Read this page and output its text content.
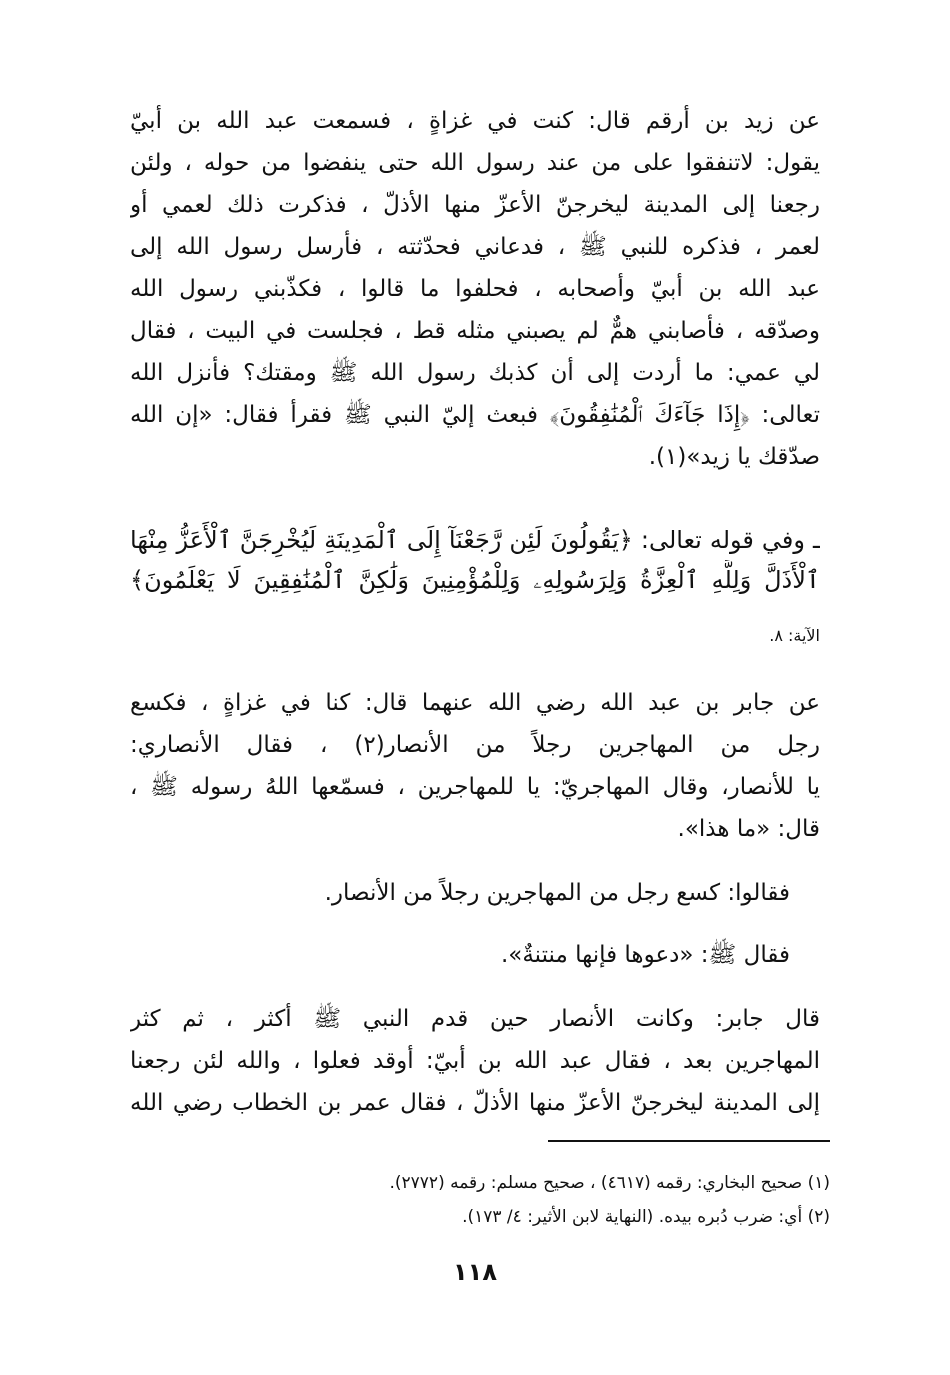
عن زيد بن أرقم قال: كنت في غزاةٍ ، فسمعت عبد الله بن أبيّ
يقول: لاتنفقوا على من عند رسول الله حتى ينفضوا من حوله ، ولئن
رجعنا إلى المدينة ليخرجنّ الأعزّ منها الأذلّ ، فذكرت ذلك لعمي أو
لعمر ، فذكره للنبي ﷺ ، فدعاني فحدّثته ، فأرسل رسول الله إلى
عبد الله بن أبيّ وأصحابه ، فحلفوا ما قالوا ، فكذّبني رسول الله
وصدّقه ، فأصابني همٌّ لم يصبني مثله قط ، فجلست في البيت ، فقال
لي عمي: ما أردت إلى أن كذبك رسول الله ﷺ ومقتك؟ فأنزل الله
تعالى: ﴿إِذَا جَآءَكَ ٱلْمُنَٰفِقُونَ﴾ فبعث إليّ النبي ﷺ فقرأ فقال: «إن الله
صدّقك يا زيد»(١).
ـ وفي قوله تعالى: ﴿يَقُولُونَ لَئِن رَّجَعْنَآ إِلَى ٱلْمَدِينَةِ لَيُخْرِجَنَّ ٱلْأَعَزُّ مِنْهَا
ٱلْأَذَلَّ وَلِلَّهِ ٱلْعِزَّةُ وَلِرَسُولِهِۦ وَلِلْمُؤْمِنِينَ وَلَٰكِنَّ ٱلْمُنَٰفِقِينَ لَا يَعْلَمُونَ﴾
الآية: ٨.
عن جابر بن عبد الله رضي الله عنهما قال: كنا في غزاةٍ ، فكسع
رجل من المهاجرين رجلاً من الأنصار(٢) ، فقال الأنصاري:
يا للأنصار، وقال المهاجريّ: يا للمهاجرين ، فسمّعها اللهُ رسوله ﷺ ،
قال: «ما هذا».
فقالوا: كسع رجل من المهاجرين رجلاً من الأنصار.
فقال ﷺ: «دعوها فإنها منتنةٌ».
قال جابر: وكانت الأنصار حين قدم النبي ﷺ أكثر ، ثم كثر
المهاجرين بعد ، فقال عبد الله بن أبيّ: أوقد فعلوا ، والله لئن رجعنا
إلى المدينة ليخرجنّ الأعزّ منها الأذلّ ، فقال عمر بن الخطاب رضي الله
(١) صحيح البخاري: رقمه (٤٦١٧) ، صحيح مسلم: رقمه (٢٧٧٢).
(٢) أي: ضرب دُبره بيده. (النهاية لابن الأثير: ٤/ ١٧٣).
١١٨
